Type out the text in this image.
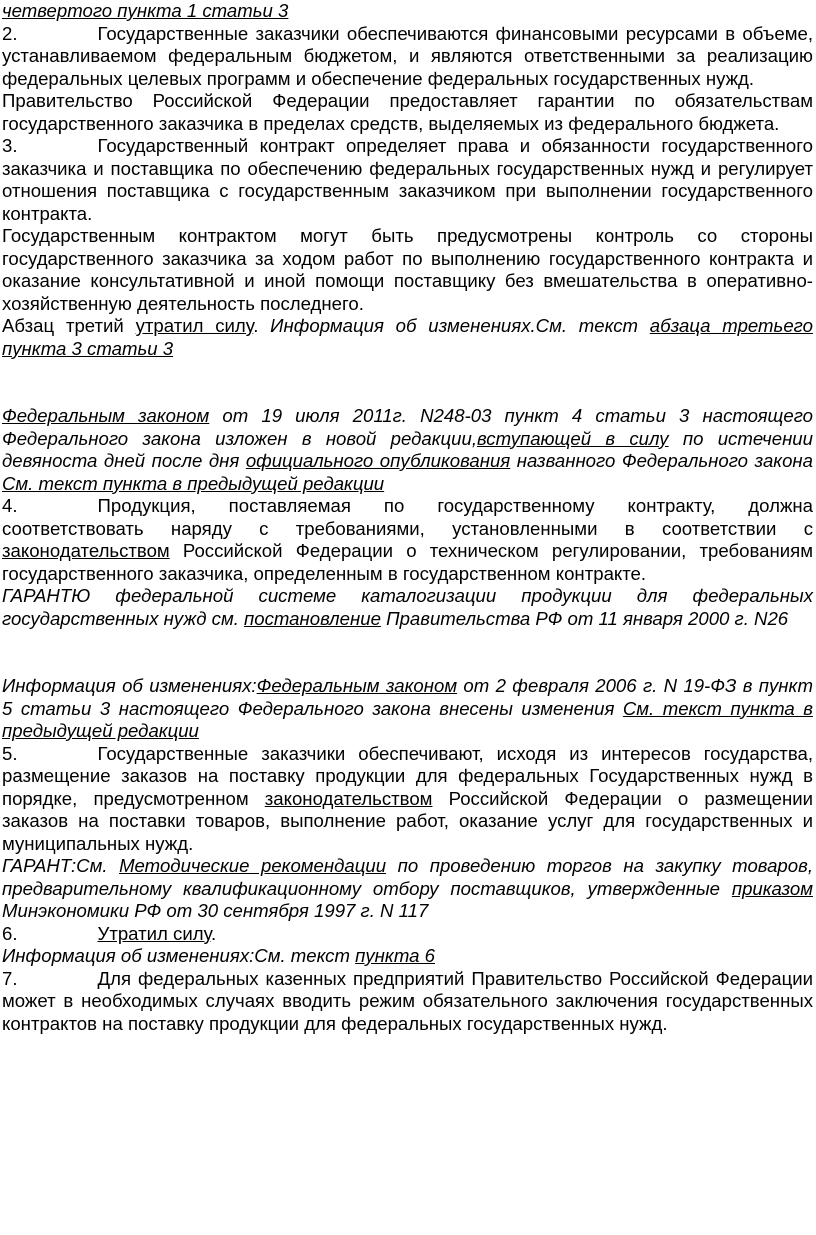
четвертого пункта 1 статьи 3

2.	Государственные заказчики обеспечиваются финансовыми ресурсами в объеме, устанавливаемом федеральным бюджетом, и являются ответственными за реализацию федеральных целевых программ и обеспечение федеральных государственных нужд.

Правительство Российской Федерации предоставляет гарантии по обязательствам государственного заказчика в пределах средств, выделяемых из федерального бюджета.

3.	Государственный контракт определяет права и обязанности государственного заказчика и поставщика по обеспечению федеральных государственных нужд и регулирует отношения поставщика с государственным заказчиком при выполнении государственного контракта.

Государственным контрактом могут быть предусмотрены контроль со стороны государственного заказчика за ходом работ по выполнению государственного контракта и оказание консультативной и иной помощи поставщику без вмешательства в оперативно-хозяйственную деятельность последнего.

Абзац третий утратил силу. Информация об изменениях.См. текст абзаца третьего пункта 3 статьи 3

Федеральным законом от 19 июля 2011г. N248-03 пункт 4 статьи 3 настоящего Федерального закона изложен в новой редакции,вступающей в силу по истечении девяноста дней после дня официального опубликования названного Федерального закона См. текст пункта в предыдущей редакции

4.	Продукция, поставляемая по государственному контракту, должна соответствовать наряду с требованиями, установленными в соответствии с законодательством Российской Федерации о техническом регулировании, требованиям государственного заказчика, определенным в государственном контракте.

ГАРАНТЮ федеральной системе каталогизации продукции для федеральных государственных нужд см. постановление Правительства РФ от 11 января 2000 г. N26

Информация об изменениях:Федеральным законом от 2 февраля 2006 г. N 19-ФЗ в пункт 5 статьи 3 настоящего Федерального закона внесены изменения См. текст пункта в предыдущей редакции

5.	Государственные заказчики обеспечивают, исходя из интересов государства, размещение заказов на поставку продукции для федеральных Государственных нужд в порядке, предусмотренном законодательством Российской Федерации о размещении заказов на поставки товаров, выполнение работ, оказание услуг для государственных и муниципальных нужд.

ГАРАНТ:См. Методические рекомендации по проведению торгов на закупку товаров, предварительному квалификационному отбору поставщиков, утвержденные приказом Минэкономики РФ от 30 сентября 1997 г. N 117

6.	Утратил силу.

Информация об изменениях:См. текст пункта 6

7.	Для федеральных казенных предприятий Правительство Российской Федерации может в необходимых случаях вводить режим обязательного заключения государственных контрактов на поставку продукции для федеральных государственных нужд.
